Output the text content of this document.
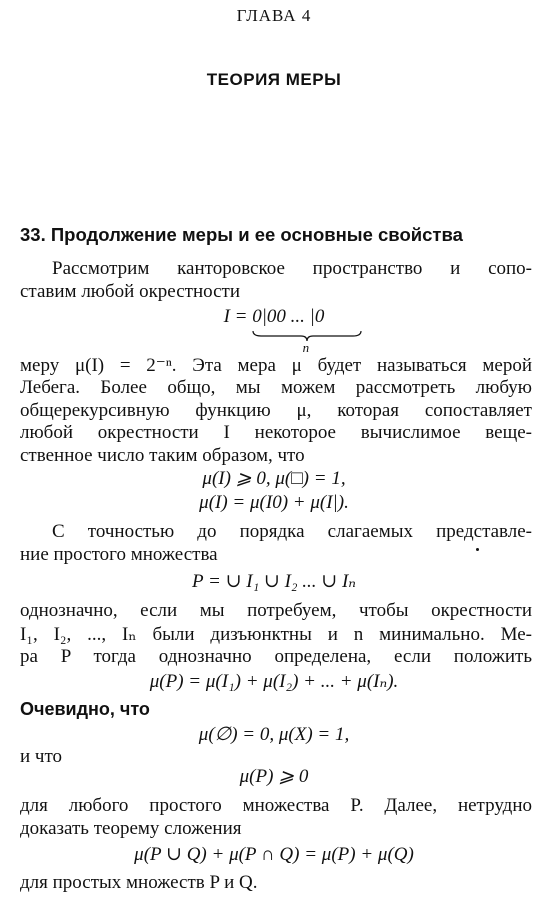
ГЛАВА 4
ТЕОРИЯ МЕРЫ
33. Продолжение меры и ее основные свойства
Рассмотрим канторовское пространство и сопо-
ставим любой окрестности
I = 0|00 ... |0
n
меру μ(I) = 2⁻ⁿ. Эта мера μ будет называться мерой
Лебега. Более общо, мы можем рассмотреть любую
общерекурсивную функцию μ, которая сопоставляет
любой окрестности I некоторое вычислимое веще-
ственное число таким образом, что
μ(I) ⩾ 0, μ(□) = 1,
μ(I) = μ(I0) + μ(I|).
С точностью до порядка слагаемых представле-
ние простого множества
P = ∪ I₁ ∪ I₂ ... ∪ Iₙ
однозначно, если мы потребуем, чтобы окрестности
I₁, I₂, ..., Iₙ были дизъюнктны и n минимально. Ме-
ра P тогда однозначно определена, если положить
μ(P) = μ(I₁) + μ(I₂) + ... + μ(Iₙ).
Очевидно, что
μ(∅) = 0, μ(X) = 1,
и что
μ(P) ⩾ 0
для любого простого множества P. Далее, нетрудно
доказать теорему сложения
μ(P ∪ Q) + μ(P ∩ Q) = μ(P) + μ(Q)
для простых множеств P и Q.
